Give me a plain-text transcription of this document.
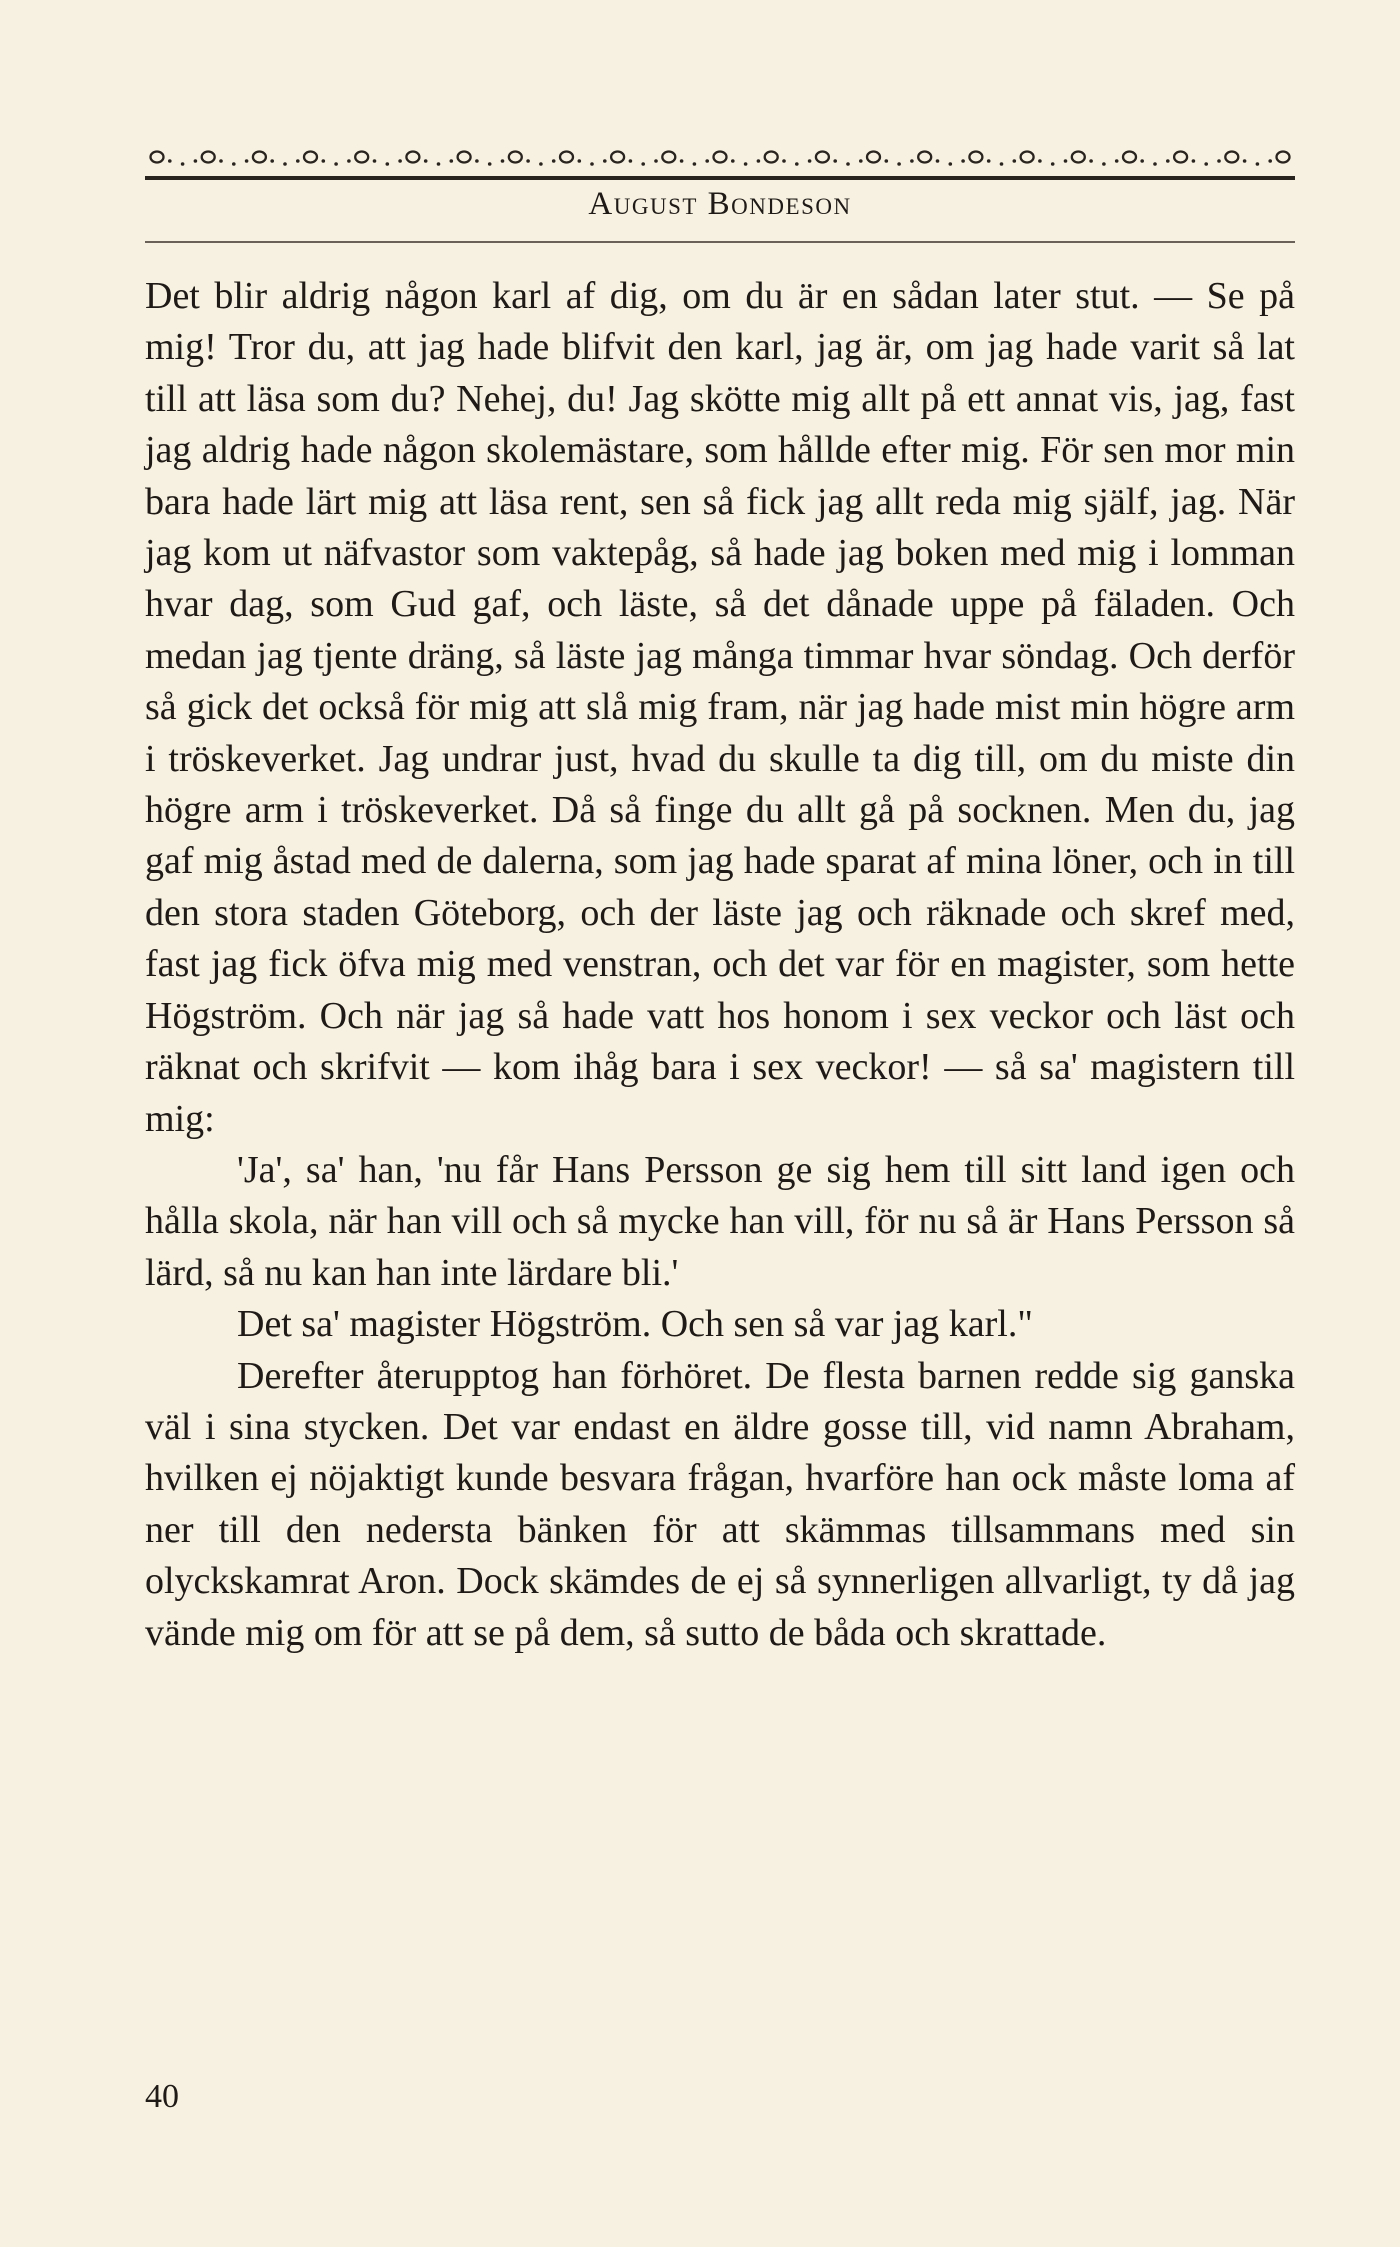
August Bondeson

Det blir aldrig någon karl af dig, om du är en sådan later stut. — Se på mig! Tror du, att jag hade blifvit den karl, jag är, om jag hade varit så lat till att läsa som du? Nehej, du! Jag skötte mig allt på ett annat vis, jag, fast jag aldrig hade någon skolemästare, som hållde efter mig. För sen mor min bara hade lärt mig att läsa rent, sen så fick jag allt reda mig själf, jag. När jag kom ut näfvastor som vaktepåg, så hade jag boken med mig i lomman hvar dag, som Gud gaf, och läste, så det dånade uppe på fäladen. Och medan jag tjente dräng, så läste jag många timmar hvar söndag. Och derför så gick det också för mig att slå mig fram, när jag hade mist min högre arm i tröskeverket. Jag undrar just, hvad du skulle ta dig till, om du miste din högre arm i tröskeverket. Då så finge du allt gå på socknen. Men du, jag gaf mig åstad med de dalerna, som jag hade sparat af mina löner, och in till den stora staden Göteborg, och der läste jag och räknade och skref med, fast jag fick öfva mig med venstran, och det var för en magister, som hette Högström. Och när jag så hade vatt hos honom i sex veckor och läst och räknat och skrifvit — kom ihåg bara i sex veckor! — så sa' magistern till mig:

'Ja', sa' han, 'nu får Hans Persson ge sig hem till sitt land igen och hålla skola, när han vill och så mycke han vill, för nu så är Hans Persson så lärd, så nu kan han inte lärdare bli.'

Det sa' magister Högström. Och sen så var jag karl."

Derefter återupptog han förhöret. De flesta barnen redde sig ganska väl i sina stycken. Det var endast en äldre gosse till, vid namn Abraham, hvilken ej nöjaktigt kunde besvara frågan, hvarföre han ock måste loma af ner till den nedersta bänken för att skämmas tillsammans med sin olyckskamrat Aron. Dock skämdes de ej så synnerligen allvarligt, ty då jag vände mig om för att se på dem, så sutto de båda och skrattade.

40
